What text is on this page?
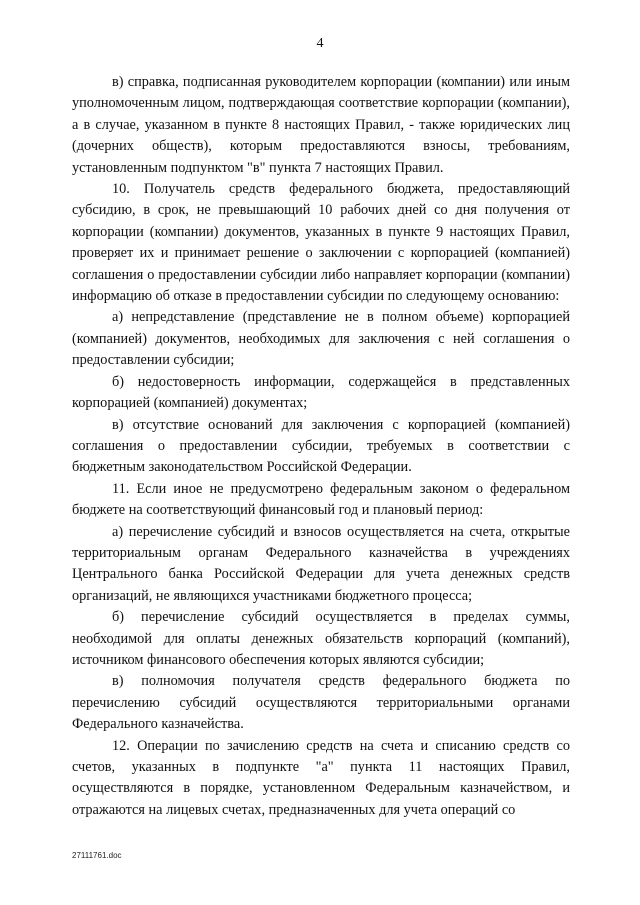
4

в) справка, подписанная руководителем корпорации (компании) или иным уполномоченным лицом, подтверждающая соответствие корпорации (компании), а в случае, указанном в пункте 8 настоящих Правил, - также юридических лиц (дочерних обществ), которым предоставляются взносы, требованиям, установленным подпунктом "в" пункта 7 настоящих Правил.

10. Получатель средств федерального бюджета, предоставляющий субсидию, в срок, не превышающий 10 рабочих дней со дня получения от корпорации (компании) документов, указанных в пункте 9 настоящих Правил, проверяет их и принимает решение о заключении с корпорацией (компанией) соглашения о предоставлении субсидии либо направляет корпорации (компании) информацию об отказе в предоставлении субсидии по следующему основанию:

а) непредставление (представление не в полном объеме) корпорацией (компанией) документов, необходимых для заключения с ней соглашения о предоставлении субсидии;

б) недостоверность информации, содержащейся в представленных корпорацией (компанией) документах;

в) отсутствие оснований для заключения с корпорацией (компанией) соглашения о предоставлении субсидии, требуемых в соответствии с бюджетным законодательством Российской Федерации.

11. Если иное не предусмотрено федеральным законом о федеральном бюджете на соответствующий финансовый год и плановый период:

а) перечисление субсидий и взносов осуществляется на счета, открытые территориальным органам Федерального казначейства в учреждениях Центрального банка Российской Федерации для учета денежных средств организаций, не являющихся участниками бюджетного процесса;

б) перечисление субсидий осуществляется в пределах суммы, необходимой для оплаты денежных обязательств корпораций (компаний), источником финансового обеспечения которых являются субсидии;

в) полномочия получателя средств федерального бюджета по перечислению субсидий осуществляются территориальными органами Федерального казначейства.

12. Операции по зачислению средств на счета и списанию средств со счетов, указанных в подпункте "а" пункта 11 настоящих Правил, осуществляются в порядке, установленном Федеральным казначейством, и отражаются на лицевых счетах, предназначенных для учета операций со

27111761.doc
